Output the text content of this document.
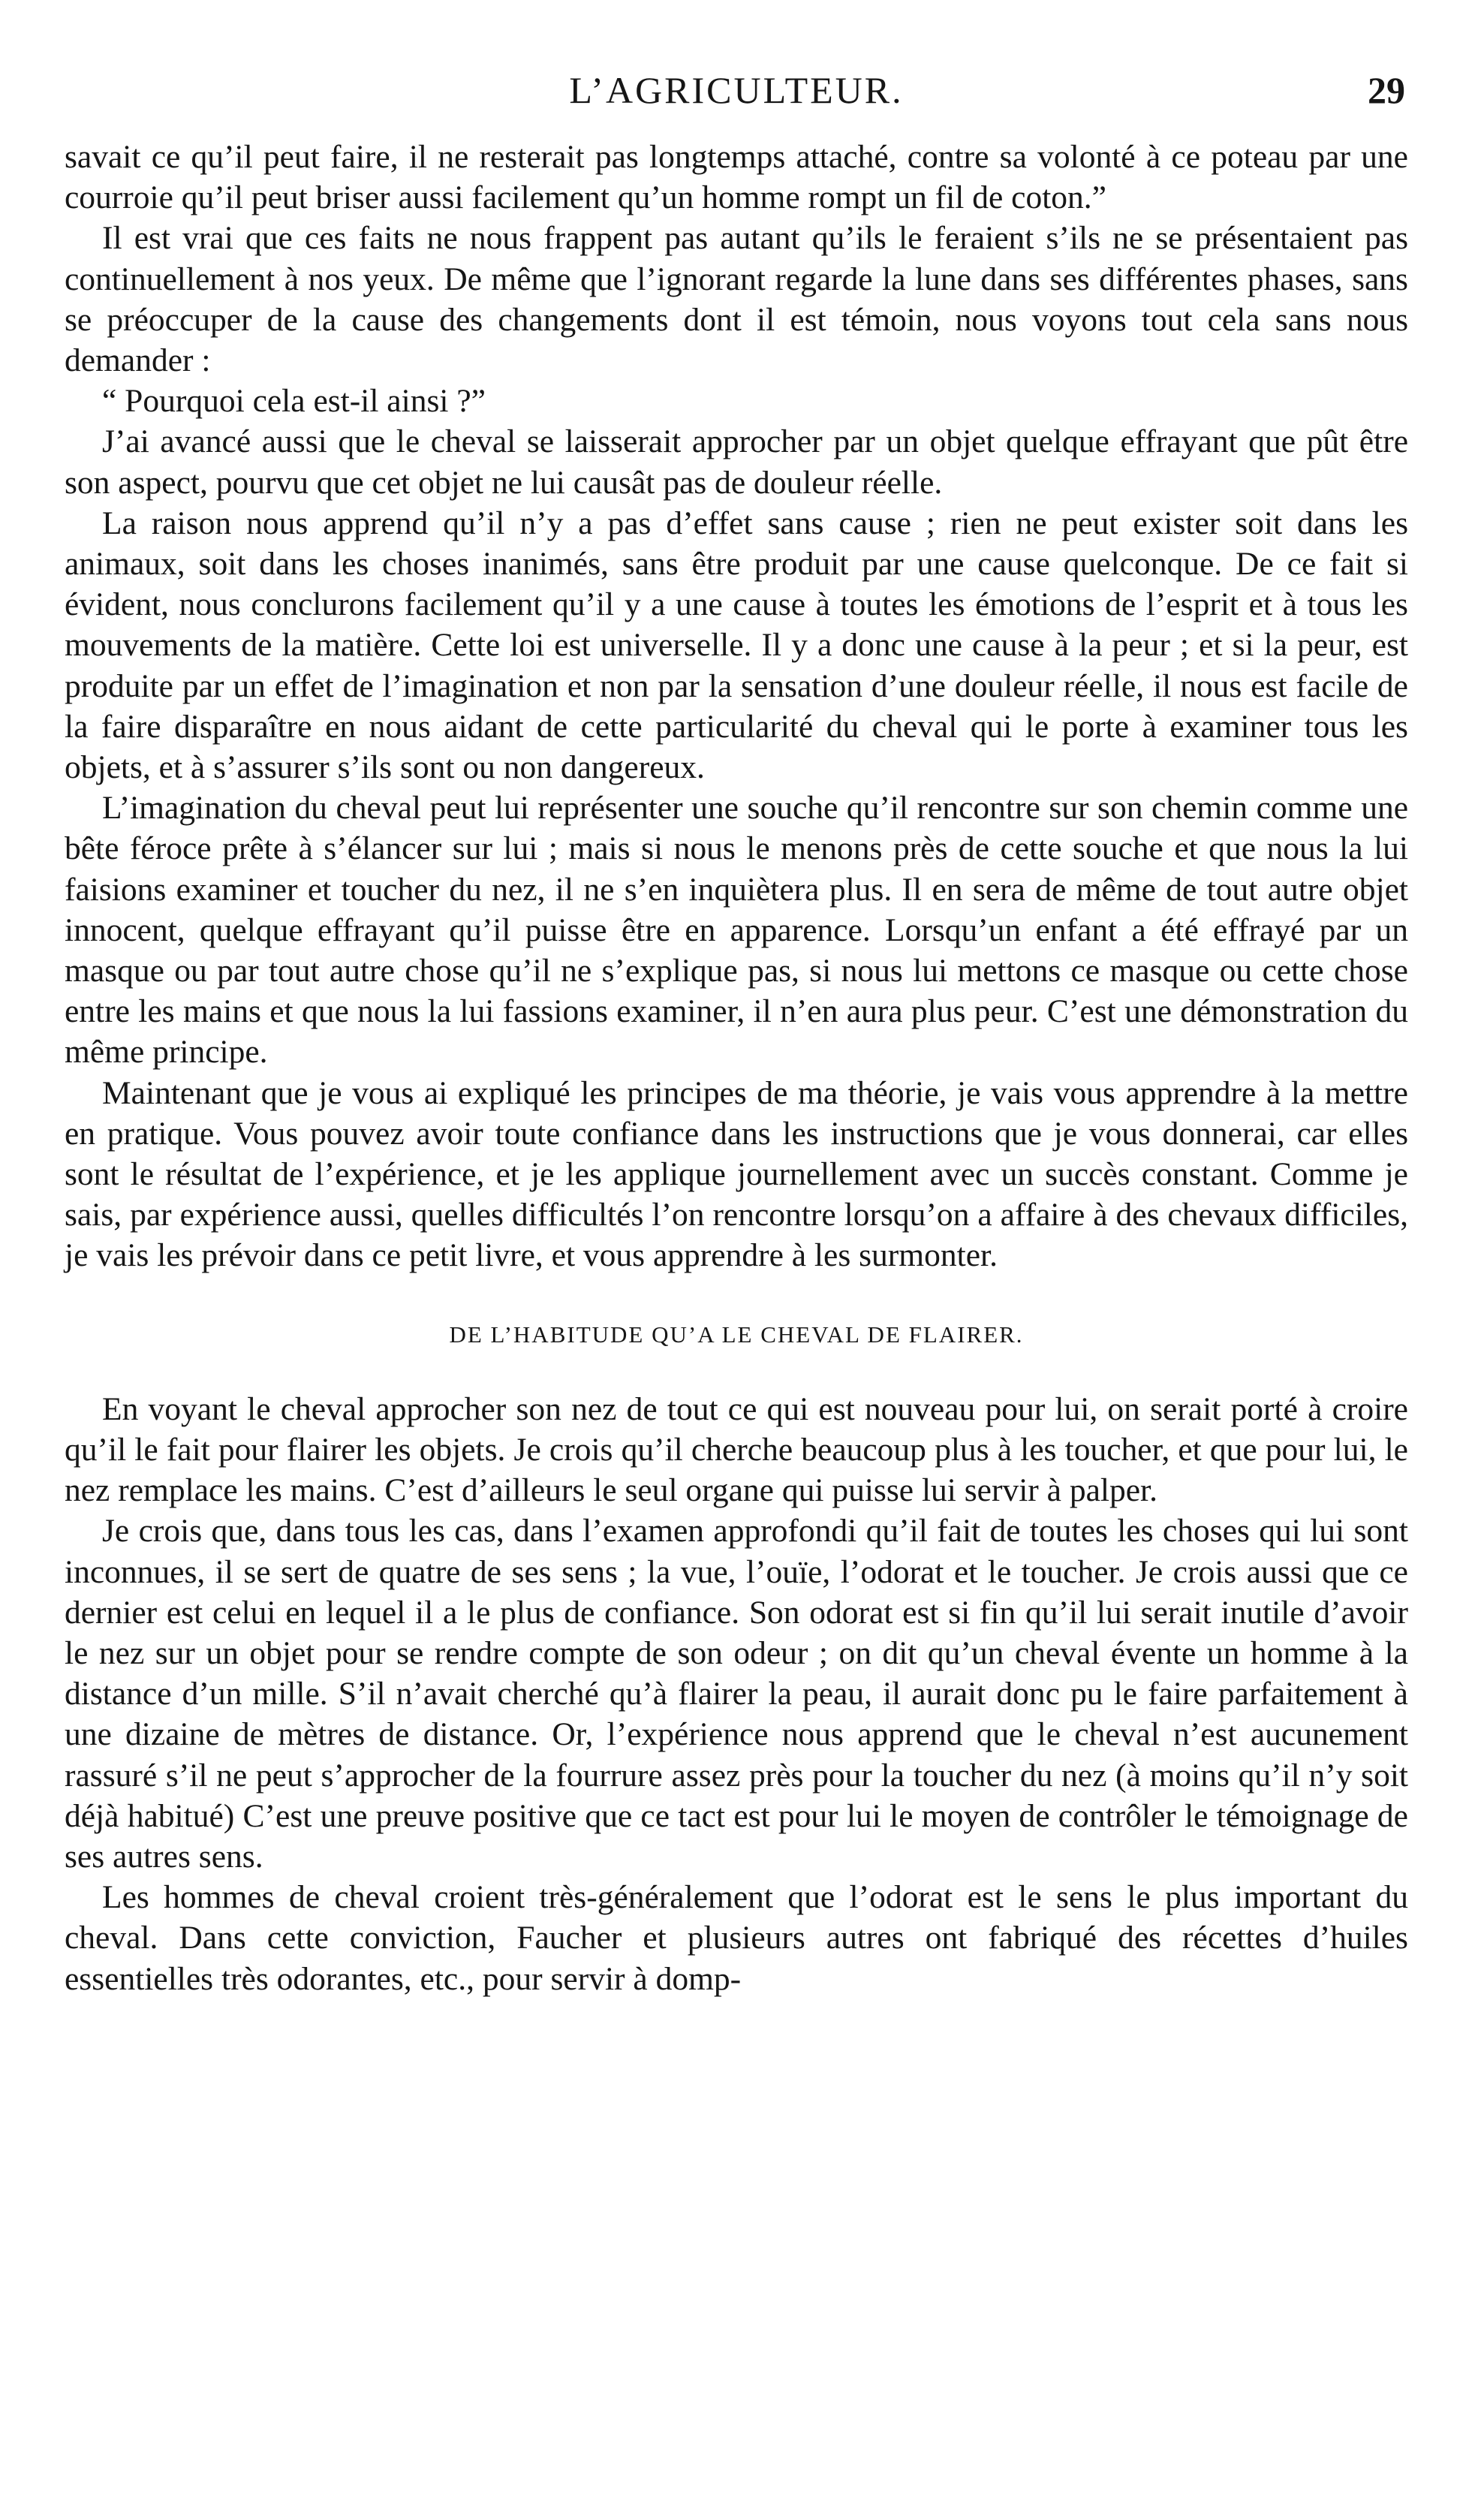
L’AGRICULTEUR.	29

savait ce qu’il peut faire, il ne resterait pas longtemps attaché, contre sa volonté à ce poteau par une courroie qu’il peut briser aussi facilement qu’un homme rompt un fil de coton.”

Il est vrai que ces faits ne nous frappent pas autant qu’ils le feraient s’ils ne se présentaient pas continuellement à nos yeux. De même que l’ignorant regarde la lune dans ses différentes phases, sans se préoccuper de la cause des changements dont il est témoin, nous voyons tout cela sans nous demander :

“ Pourquoi cela est-il ainsi ?”

J’ai avancé aussi que le cheval se laisserait approcher par un objet quelque effrayant que pût être son aspect, pourvu que cet objet ne lui causât pas de douleur réelle.

La raison nous apprend qu’il n’y a pas d’effet sans cause ; rien ne peut exister soit dans les animaux, soit dans les choses inanimés, sans être produit par une cause quelconque. De ce fait si évident, nous conclurons facilement qu’il y a une cause à toutes les émotions de l’esprit et à tous les mouvements de la matière. Cette loi est universelle. Il y a donc une cause à la peur ; et si la peur, est produite par un effet de l’imagination et non par la sensation d’une douleur réelle, il nous est facile de la faire disparaître en nous aidant de cette particularité du cheval qui le porte à examiner tous les objets, et à s’assurer s’ils sont ou non dangereux.

L’imagination du cheval peut lui représenter une souche qu’il rencontre sur son chemin comme une bête féroce prête à s’élancer sur lui ; mais si nous le menons près de cette souche et que nous la lui faisions examiner et toucher du nez, il ne s’en inquiètera plus. Il en sera de même de tout autre objet innocent, quelque effrayant qu’il puisse être en apparence. Lorsqu’un enfant a été effrayé par un masque ou par tout autre chose qu’il ne s’explique pas, si nous lui mettons ce masque ou cette chose entre les mains et que nous la lui fassions examiner, il n’en aura plus peur. C’est une démonstration du même principe.

Maintenant que je vous ai expliqué les principes de ma théorie, je vais vous apprendre à la mettre en pratique. Vous pouvez avoir toute confiance dans les instructions que je vous donnerai, car elles sont le résultat de l’expérience, et je les applique journellement avec un succès constant. Comme je sais, par expérience aussi, quelles difficultés l’on rencontre lorsqu’on a affaire à des chevaux difficiles, je vais les prévoir dans ce petit livre, et vous apprendre à les surmonter.

DE L’HABITUDE QU’A LE CHEVAL DE FLAIRER.

En voyant le cheval approcher son nez de tout ce qui est nouveau pour lui, on serait porté à croire qu’il le fait pour flairer les objets. Je crois qu’il cherche beaucoup plus à les toucher, et que pour lui, le nez remplace les mains. C’est d’ailleurs le seul organe qui puisse lui servir à palper.

Je crois que, dans tous les cas, dans l’examen approfondi qu’il fait de toutes les choses qui lui sont inconnues, il se sert de quatre de ses sens ; la vue, l’ouïe, l’odorat et le toucher. Je crois aussi que ce dernier est celui en lequel il a le plus de confiance. Son odorat est si fin qu’il lui serait inutile d’avoir le nez sur un objet pour se rendre compte de son odeur ; on dit qu’un cheval évente un homme à la distance d’un mille. S’il n’avait cherché qu’à flairer la peau, il aurait donc pu le faire parfaitement à une dizaine de mètres de distance. Or, l’expérience nous apprend que le cheval n’est aucunement rassuré s’il ne peut s’approcher de la fourrure assez près pour la toucher du nez (à moins qu’il n’y soit déjà habitué) C’est une preuve positive que ce tact est pour lui le moyen de contrôler le témoignage de ses autres sens.

Les hommes de cheval croient très-généralement que l’odorat est le sens le plus important du cheval. Dans cette conviction, Faucher et plusieurs autres ont fabriqué des récettes d’huiles essentielles très odorantes, etc., pour servir à domp-
